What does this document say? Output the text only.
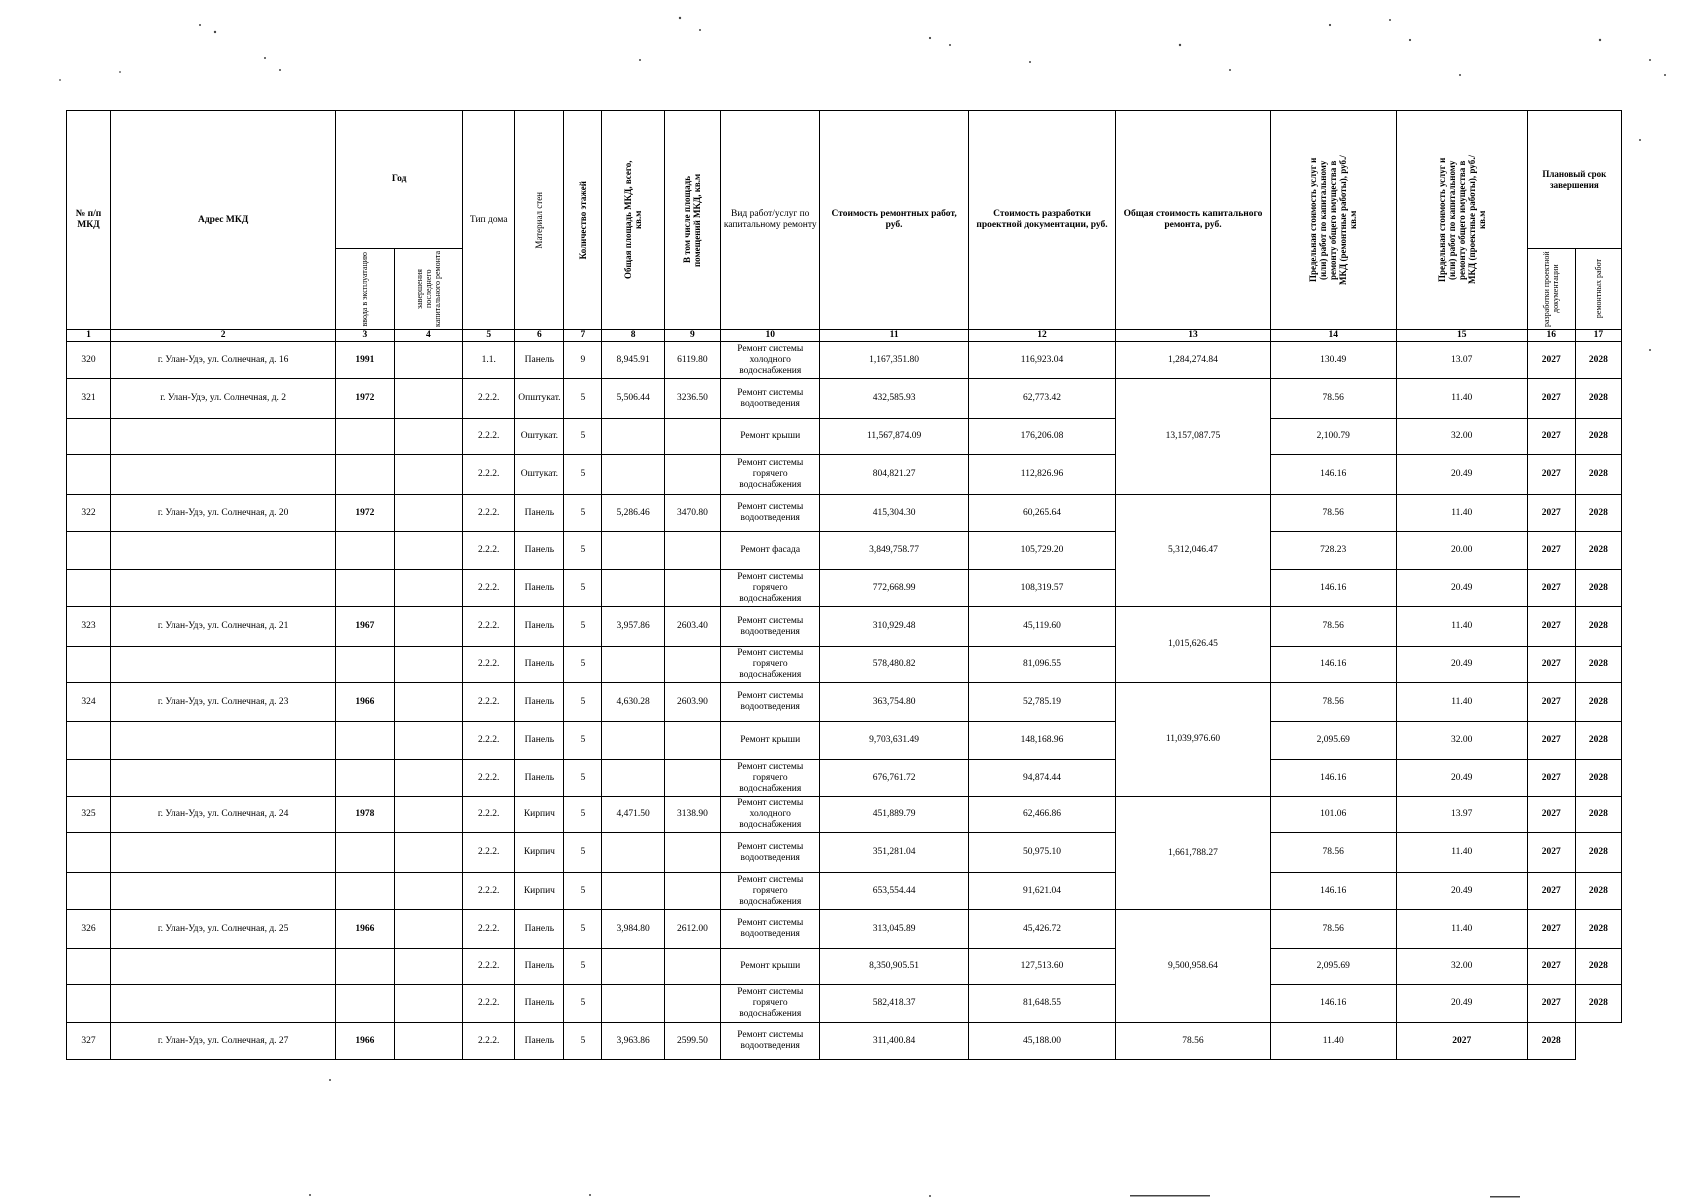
№ п/п МКД	Адрес МКД	Год		Тип дома	Материал стен	Количество этажей	Общая площадь МКД, всего, кв.м	В том числе площадь помещений МКД, кв.м	Вид работ/услуг по капитальному ремонту	Стоимость ремонтных работ, руб.	Стоимость разработки проектной документации, руб.	Общая стоимость капитального ремонта, руб.	Предельная стоимость услуг и (или) работ по капитальному ремонту общего имущества в МКД (ремонтные работы), руб./кв.м	Предельная стоимость услуг и (или) работ по капитальному ремонту общего имущества в МКД (проектные работы), руб./кв.м	Плановый срок завершения	

		ввода в эксплуатацию	завершения последнего капитального ремонта												разработки проектной документации	ремонтных работ

1	2	3	4	5	6	7	8	9	10	11	12	13	14	15	16	17
320	г. Улан-Удэ, ул. Солнечная, д. 16	1991		1.1.	Панель	9	8,945.91	6119.80	Ремонт системы холодного водоснабжения	1,167,351.80	116,923.04	1,284,274.84	130.49	13.07	2027	2028
321	г. Улан-Удэ, ул. Солнечная, д. 2	1972		2.2.2.	Општукат.	5	5,506.44	3236.50	Ремонт системы водоотведения	432,585.93	62,773.42	13,157,087.75	78.56	11.40	2027	2028
				2.2.2.	Оштукат.	5			Ремонт крыши	11,567,874.09	176,206.08		2,100.79	32.00	2027	2028
				2.2.2.	Оштукат.	5			Ремонт системы горячего водоснабжения	804,821.27	112,826.96		146.16	20.49	2027	2028
322	г. Улан-Удэ, ул. Солнечная, д. 20	1972		2.2.2.	Панель	5	5,286.46	3470.80	Ремонт системы водоотведения	415,304.30	60,265.64	5,312,046.47	78.56	11.40	2027	2028
				2.2.2.	Панель	5			Ремонт фасада	3,849,758.77	105,729.20		728.23	20.00	2027	2028
				2.2.2.	Панель	5			Ремонт системы горячего водоснабжения	772,668.99	108,319.57		146.16	20.49	2027	2028
323	г. Улан-Удэ, ул. Солнечная, д. 21	1967		2.2.2.	Панель	5	3,957.86	2603.40	Ремонт системы водоотведения	310,929.48	45,119.60	1,015,626.45	78.56	11.40	2027	2028
				2.2.2.	Панель	5			Ремонт системы горячего водоснабжения	578,480.82	81,096.55		146.16	20.49	2027	2028
324	г. Улан-Удэ, ул. Солнечная, д. 23	1966		2.2.2.	Панель	5	4,630.28	2603.90	Ремонт системы водоотведения	363,754.80	52,785.19	11,039,976.60	78.56	11.40	2027	2028
				2.2.2.	Панель	5			Ремонт крыши	9,703,631.49	148,168.96		2,095.69	32.00	2027	2028
				2.2.2.	Панель	5			Ремонт системы горячего водоснабжения	676,761.72	94,874.44		146.16	20.49	2027	2028
325	г. Улан-Удэ, ул. Солнечная, д. 24	1978		2.2.2.	Кирпич	5	4,471.50	3138.90	Ремонт системы холодного водоснабжения	451,889.79	62,466.86	1,661,788.27	101.06	13.97	2027	2028
				2.2.2.	Кирпич	5			Ремонт системы водоотведения	351,281.04	50,975.10		78.56	11.40	2027	2028
				2.2.2.	Кирпич	5			Ремонт системы горячего водоснабжения	653,554.44	91,621.04		146.16	20.49	2027	2028
326	г. Улан-Удэ, ул. Солнечная, д. 25	1966		2.2.2.	Панель	5	3,984.80	2612.00	Ремонт системы водоотведения	313,045.89	45,426.72	9,500,958.64	78.56	11.40	2027	2028
				2.2.2.	Панель	5			Ремонт крыши	8,350,905.51	127,513.60		2,095.69	32.00	2027	2028
				2.2.2.	Панель	5			Ремонт системы горячего водоснабжения	582,418.37	81,648.55		146.16	20.49	2027	2028
327	г. Улан-Удэ, ул. Солнечная, д. 27	1966		2.2.2.	Панель	5	3,963.86	2599.50	Ремонт системы водоотведения	311,400.84	45,188.00	78.56	11.40	2027	2028	
